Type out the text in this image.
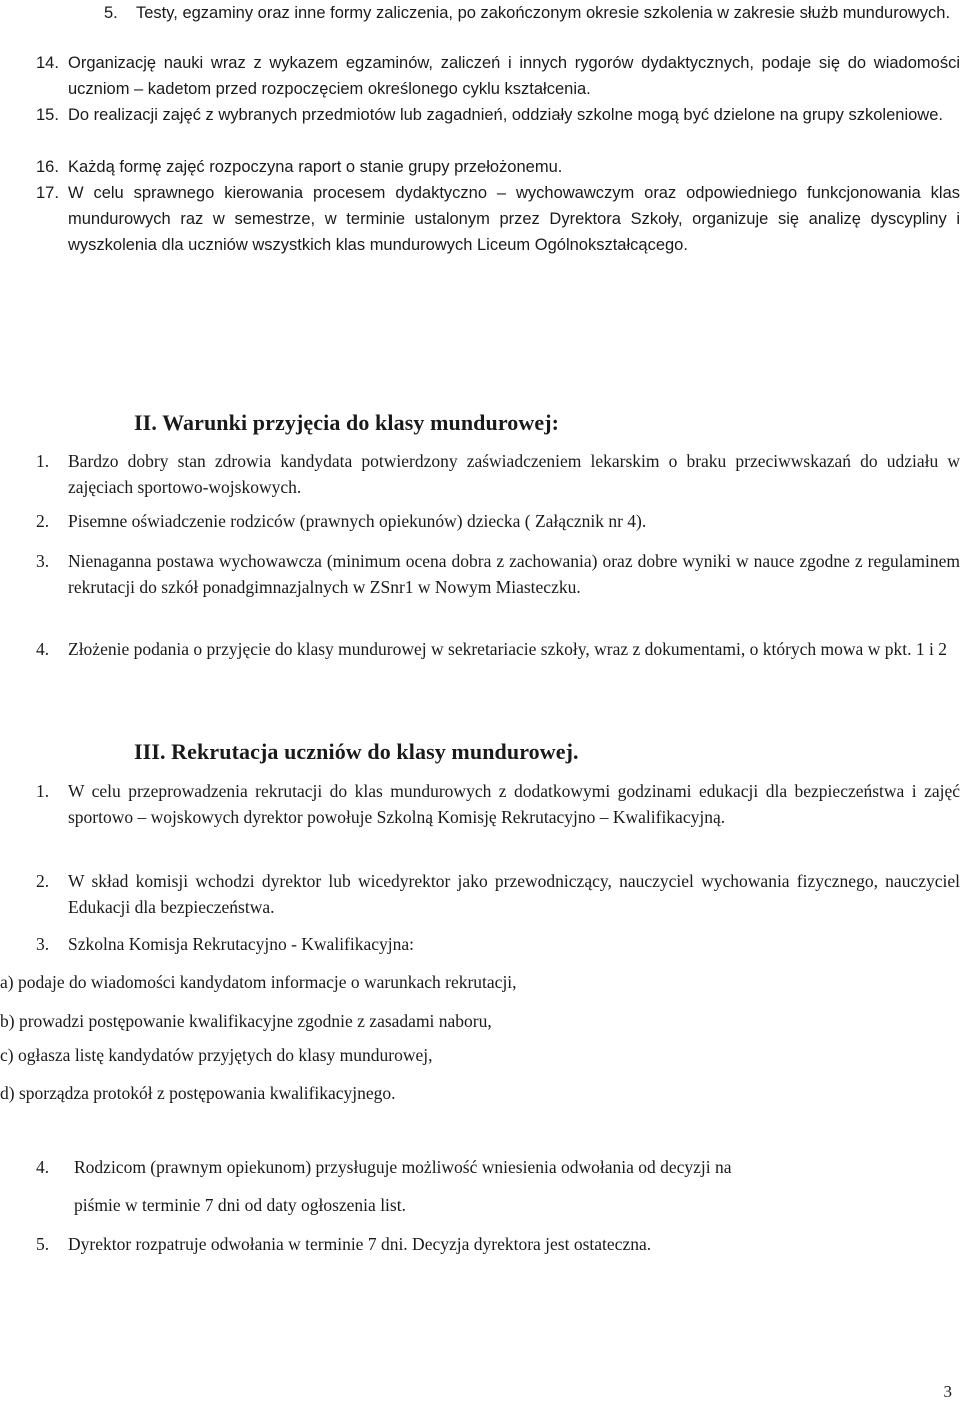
5.	Testy, egzaminy oraz inne formy zaliczenia, po zakończonym okresie szkolenia w zakresie służb mundurowych.
14. Organizację nauki wraz z wykazem egzaminów, zaliczeń i innych rygorów dydaktycznych, podaje się do wiadomości uczniom – kadetom przed rozpoczęciem określonego cyklu kształcenia.
15. Do realizacji zajęć z wybranych przedmiotów lub zagadnień, oddziały szkolne mogą być dzielone na grupy szkoleniowe.
16. Każdą formę zajęć rozpoczyna raport o stanie grupy przełożonemu.
17. W celu sprawnego kierowania procesem dydaktyczno – wychowawczym oraz odpowiedniego funkcjonowania klas mundurowych raz w semestrze, w terminie ustalonym przez Dyrektora Szkoły, organizuje się analizę dyscypliny i wyszkolenia dla uczniów wszystkich klas mundurowych Liceum Ogólnokształcącego.
II. Warunki przyjęcia do klasy mundurowej:
1.	Bardzo dobry stan zdrowia kandydata potwierdzony zaświadczeniem lekarskim o braku przeciwwskazań do udziału w zajęciach sportowo-wojskowych.
2.	Pisemne oświadczenie rodziców (prawnych opiekunów) dziecka ( Załącznik nr 4).
3.	Nienaganna postawa wychowawcza (minimum ocena dobra z zachowania) oraz dobre wyniki w nauce zgodne z regulaminem rekrutacji do szkół ponadgimnazjalnych w ZSnr1 w Nowym Miasteczku.
4.	Złożenie podania o przyjęcie do klasy mundurowej w sekretariacie szkoły, wraz z dokumentami, o których mowa w pkt. 1 i 2
III. Rekrutacja uczniów do klasy mundurowej.
1.	W celu przeprowadzenia rekrutacji do klas mundurowych z dodatkowymi godzinami edukacji dla bezpieczeństwa i zajęć sportowo – wojskowych dyrektor powołuje Szkolną Komisję Rekrutacyjno – Kwalifikacyjną.
2.	W skład komisji wchodzi dyrektor lub wicedyrektor jako przewodniczący, nauczyciel wychowania fizycznego, nauczyciel Edukacji dla bezpieczeństwa.
3.	Szkolna Komisja Rekrutacyjno - Kwalifikacyjna:
a) podaje do wiadomości kandydatom informacje o warunkach rekrutacji,
b) prowadzi postępowanie kwalifikacyjne zgodnie z zasadami naboru,
c) ogłasza listę kandydatów przyjętych do klasy mundurowej,
d) sporządza protokół z postępowania kwalifikacyjnego.
4.	Rodzicom (prawnym opiekunom) przysługuje możliwość wniesienia odwołania od decyzji na
piśmie w terminie 7 dni od daty ogłoszenia list.
5.	Dyrektor rozpatruje odwołania w terminie 7 dni. Decyzja dyrektora jest ostateczna.
3
